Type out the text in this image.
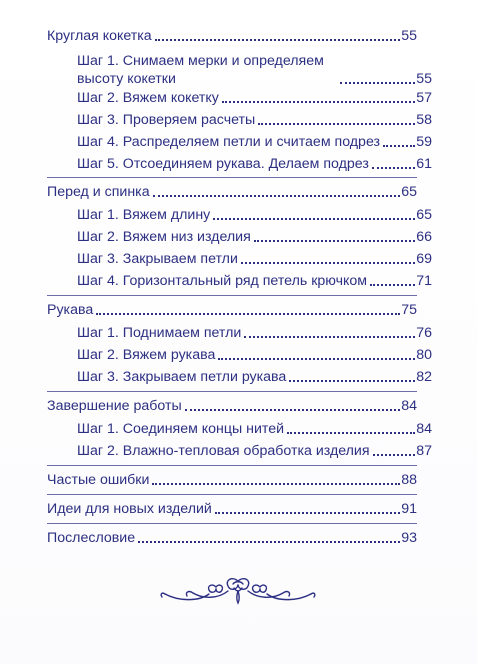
Круглая кокетка	55
Шаг 1. Снимаем мерки и определяем высоту кокетки	55
Шаг 2. Вяжем кокетку	57
Шаг 3. Проверяем расчеты	58
Шаг 4. Распределяем петли и считаем подрез	59
Шаг 5. Отсоединяем рукава. Делаем подрез	61
Перед и спинка	65
Шаг 1. Вяжем длину	65
Шаг 2. Вяжем низ изделия	66
Шаг 3. Закрываем петли	69
Шаг 4. Горизонтальный ряд петель крючком	71
Рукава	75
Шаг 1. Поднимаем петли	76
Шаг 2. Вяжем рукава	80
Шаг 3. Закрываем петли рукава	82
Завершение работы	84
Шаг 1. Соединяем концы нитей	84
Шаг 2. Влажно-тепловая обработка изделия	87
Частые ошибки	88
Идеи для новых изделий	91
Послесловие	93
